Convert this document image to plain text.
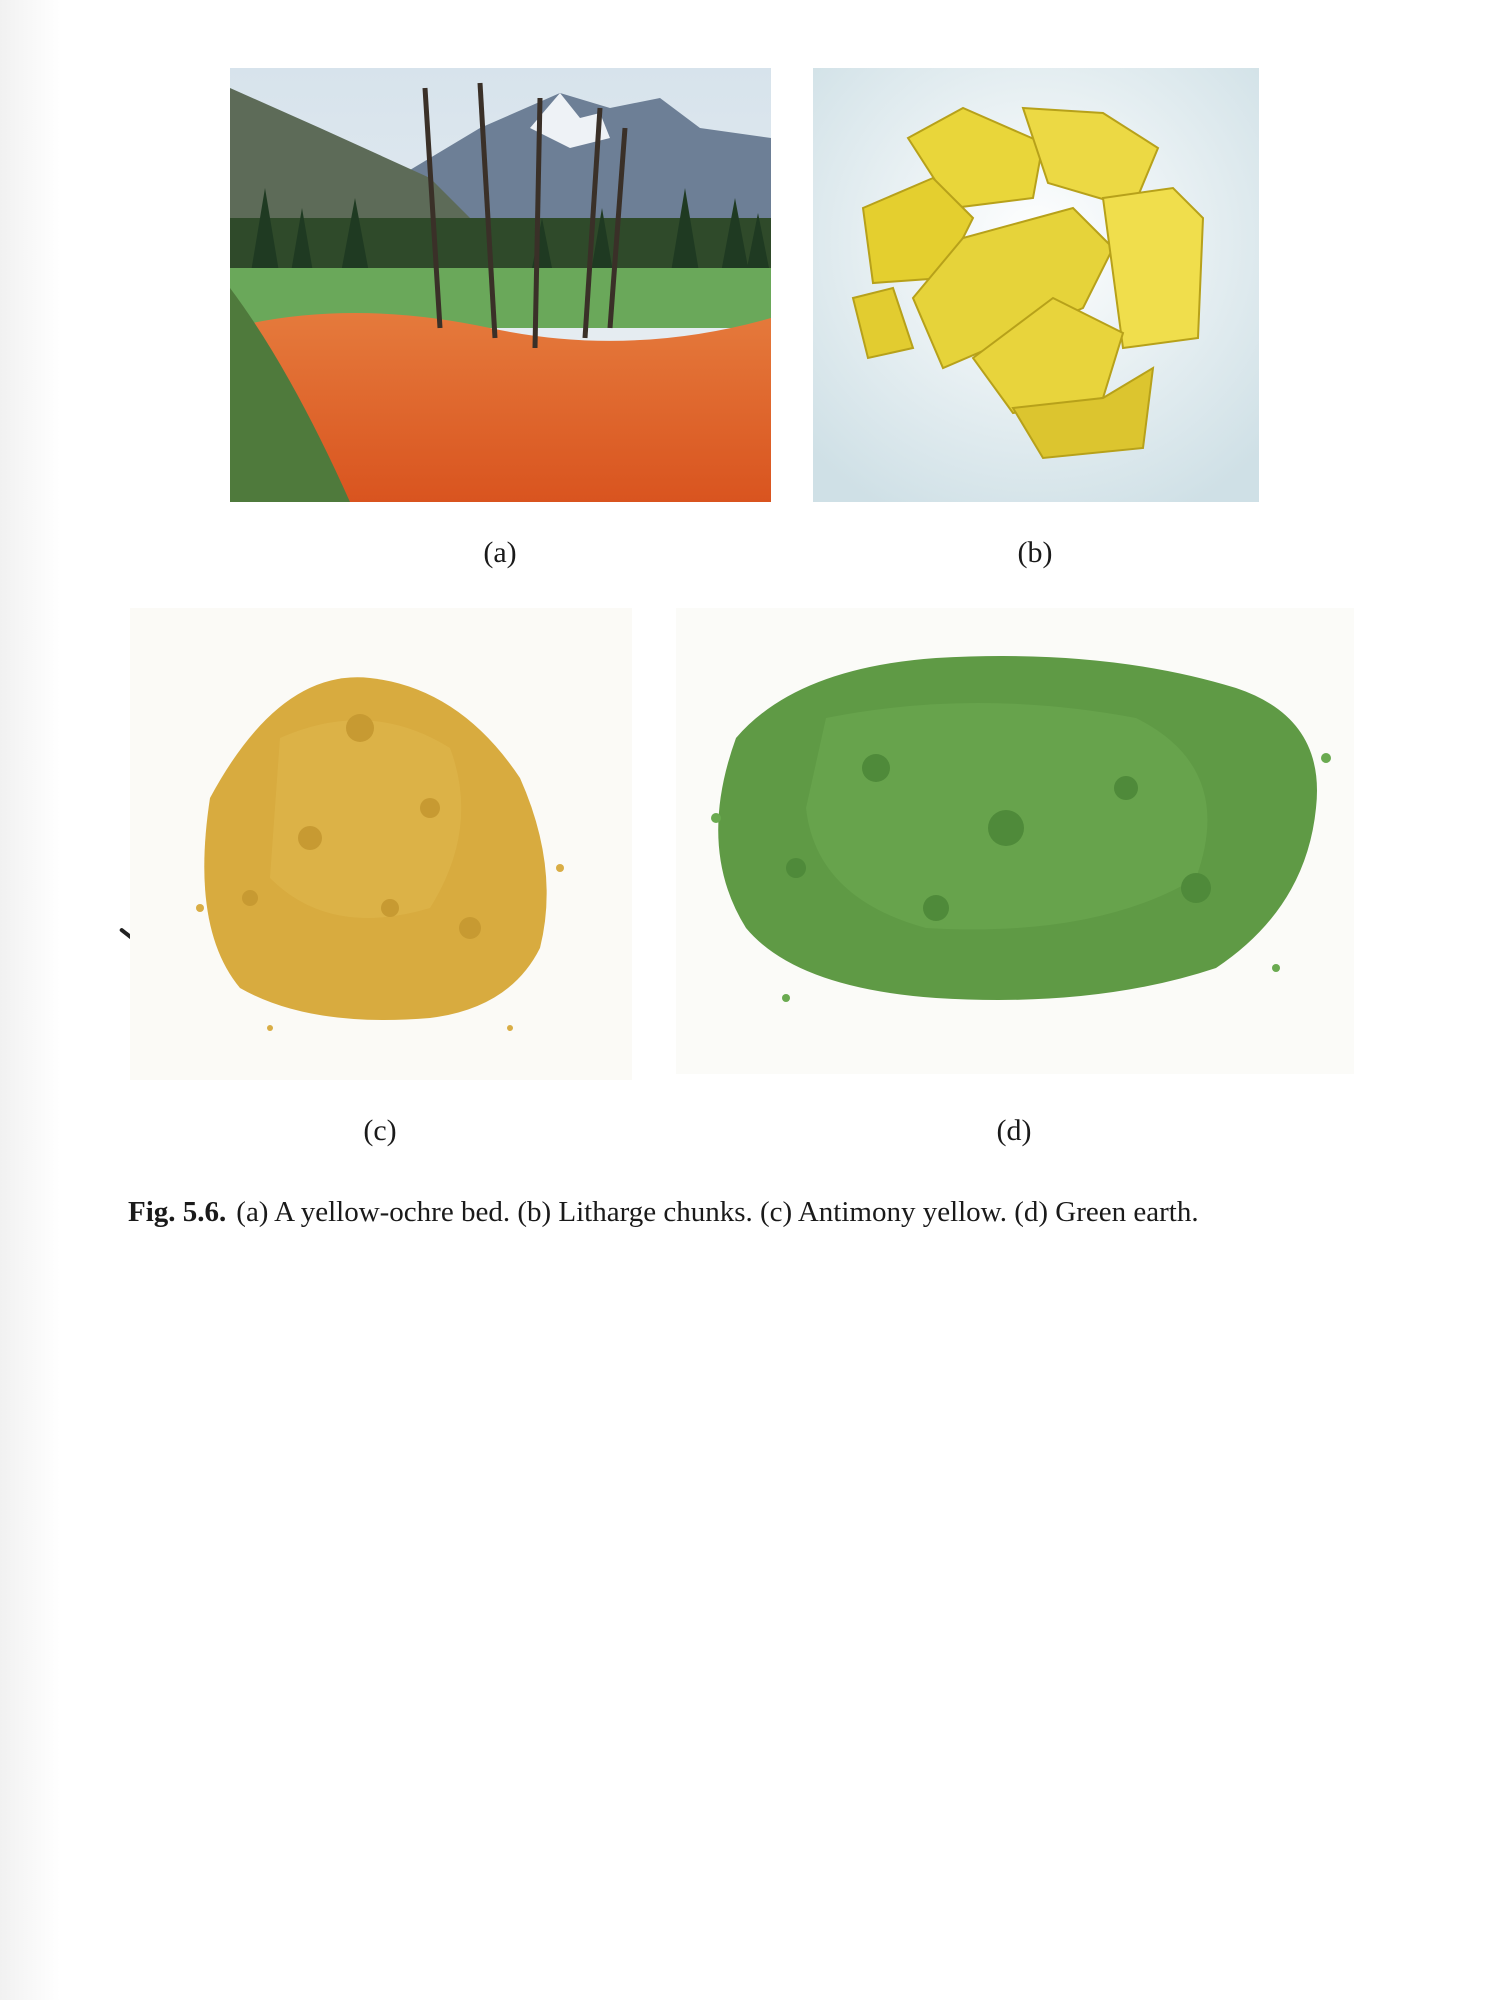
(a)	(b)
(c)	(d)
Fig. 5.6. (a) A yellow-ochre bed. (b) Litharge chunks. (c) Antimony yellow. (d) Green earth.
